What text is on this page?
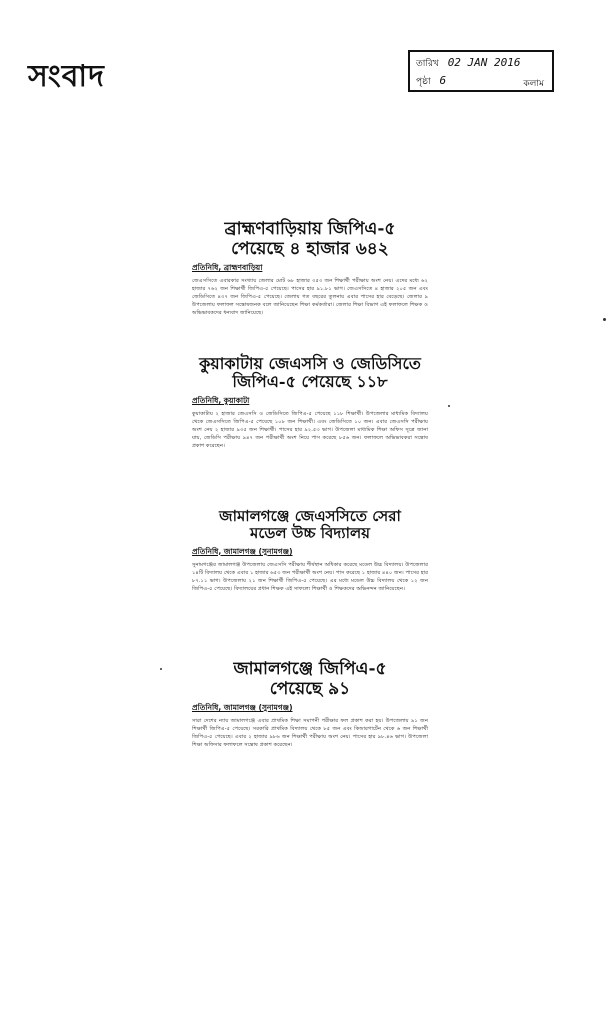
সংবাদ	তারিখ 02 JAN 2016
পৃষ্ঠা 6	কলাম

ব্রাহ্মণবাড়িয়ায় জিপিএ-৫
পেয়েছে ৪ হাজার ৬৪২

প্রতিনিধি, ব্রাহ্মণবাড়িয়া
জেএসসিতে এবারকার সংখ্যায় জেলার মোট ৬৮ হাজার ৩৫৩ জন শিক্ষার্থী পরীক্ষায় অংশ নেয়। এদের মধ্যে ৬২ হাজার ৭৬২ জন শিক্ষার্থী জিপিএ-৫ পেয়েছে। পাসের হার ৯১.৮১ ভাগ। জেএসসিতে ৪ হাজার ২০৫ জন এবং জেডিসিতে ৪৩৭ জন জিপিএ-৫ পেয়েছে। জেলায় গত বছরের তুলনায় এবার পাসের হার বেড়েছে। জেলার ৯ উপজেলায় ফলাফল সন্তোষজনক বলে জানিয়েছেন শিক্ষা কর্মকর্তারা। জেলার শিক্ষা বিভাগ এই ফলাফলে শিক্ষক ও অভিভাবকদের ধন্যবাদ জানিয়েছে।

কুয়াকাটায় জেএসসি ও জেডিসিতে
জিপিএ-৫ পেয়েছে ১১৮

প্রতিনিধি, কুয়াকাটা
কুয়াকাটায় ২ হাজার জেএসসি ও জেডিসিতে জিপিএ-৫ পেয়েছে ১১৮ শিক্ষার্থী। উপজেলার মাধ্যমিক বিদ্যালয় থেকে জেএসসিতে জিপিএ-৫ পেয়েছে ১০৮ জন শিক্ষার্থী। এবং জেডিসিতে ১০ জন। এবার জেএসসি পরীক্ষায় অংশ নেয় ২ হাজার ৯৩৫ জন শিক্ষার্থী। পাসের হার ৯২.৫৩ ভাগ। উপজেলা মাধ্যমিক শিক্ষা অফিস সূত্রে জানা যায়, জেডিসি পরীক্ষায় ৯৪৭ জন পরীক্ষার্থী অংশ নিয়ে পাস করেছে ৮৫৬ জন। ফলাফলে অভিভাবকরা সন্তোষ প্রকাশ করেছেন।

জামালগঞ্জে জেএসসিতে সেরা
মডেল উচ্চ বিদ্যালয়

প্রতিনিধি, জামালগঞ্জ (সুনামগঞ্জ)
সুনামগঞ্জের জামালগঞ্জ উপজেলায় জেএসসি পরীক্ষায় শীর্ষস্থান অধিকার করেছে মডেল উচ্চ বিদ্যালয়। উপজেলার ১৪টি বিদ্যালয় থেকে এবার ১ হাজার ৬৫৩ জন পরীক্ষার্থী অংশ নেয়। পাস করেছে ১ হাজার ৪৪০ জন। পাসের হার ৮৭.১১ ভাগ। উপজেলায় ২১ জন শিক্ষার্থী জিপিএ-৫ পেয়েছে। এর মধ্যে মডেল উচ্চ বিদ্যালয় থেকে ১২ জন জিপিএ-৫ পেয়েছে। বিদ্যালয়ের প্রধান শিক্ষক এই সাফল্যে শিক্ষার্থী ও শিক্ষকদের অভিনন্দন জানিয়েছেন।

জামালগঞ্জে জিপিএ-৫
পেয়েছে ৯১

প্রতিনিধি, জামালগঞ্জ (সুনামগঞ্জ)
সারা দেশের ন্যায় জামালগঞ্জে এবার প্রাথমিক শিক্ষা সমাপনী পরীক্ষার ফল প্রকাশ করা হয়। উপজেলায় ৯১ জন শিক্ষার্থী জিপিএ-৫ পেয়েছে। সরকারি প্রাথমিক বিদ্যালয় থেকে ৮৫ জন এবং কিন্ডারগার্টেন থেকে ৬ জন শিক্ষার্থী জিপিএ-৫ পেয়েছে। এবার ২ হাজার ৯৮৬ জন শিক্ষার্থী পরীক্ষায় অংশ নেয়। পাসের হার ৯৮.৪৬ ভাগ। উপজেলা শিক্ষা অফিসার ফলাফলে সন্তোষ প্রকাশ করেছেন।
